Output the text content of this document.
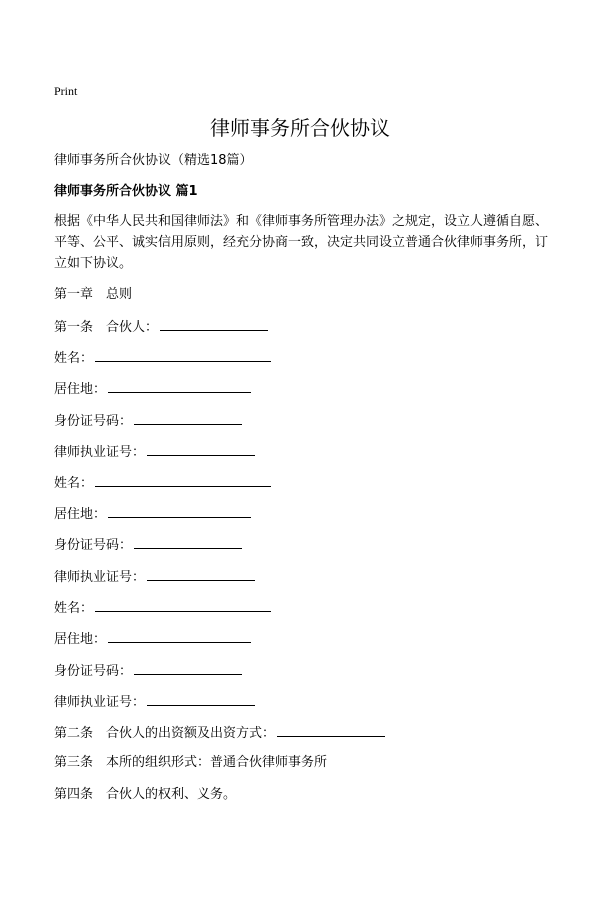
Print
律师事务所合伙协议
律师事务所合伙协议（精选18篇）
律师事务所合伙协议 篇1

根据《中华人民共和国律师法》和《律师事务所管理办法》之规定，设立人遵循自愿、平等、公平、诚实信用原则，经充分协商一致，决定共同设立普通合伙律师事务所，订立如下协议。

第一章　总则
第一条　合伙人：
姓名：
居住地：
身份证号码：
律师执业证号：
姓名：
居住地：
身份证号码：
律师执业证号：
姓名：
居住地：
身份证号码：
律师执业证号：
第二条　合伙人的出资额及出资方式：
第三条　本所的组织形式：普通合伙律师事务所
第四条　合伙人的权利、义务。
